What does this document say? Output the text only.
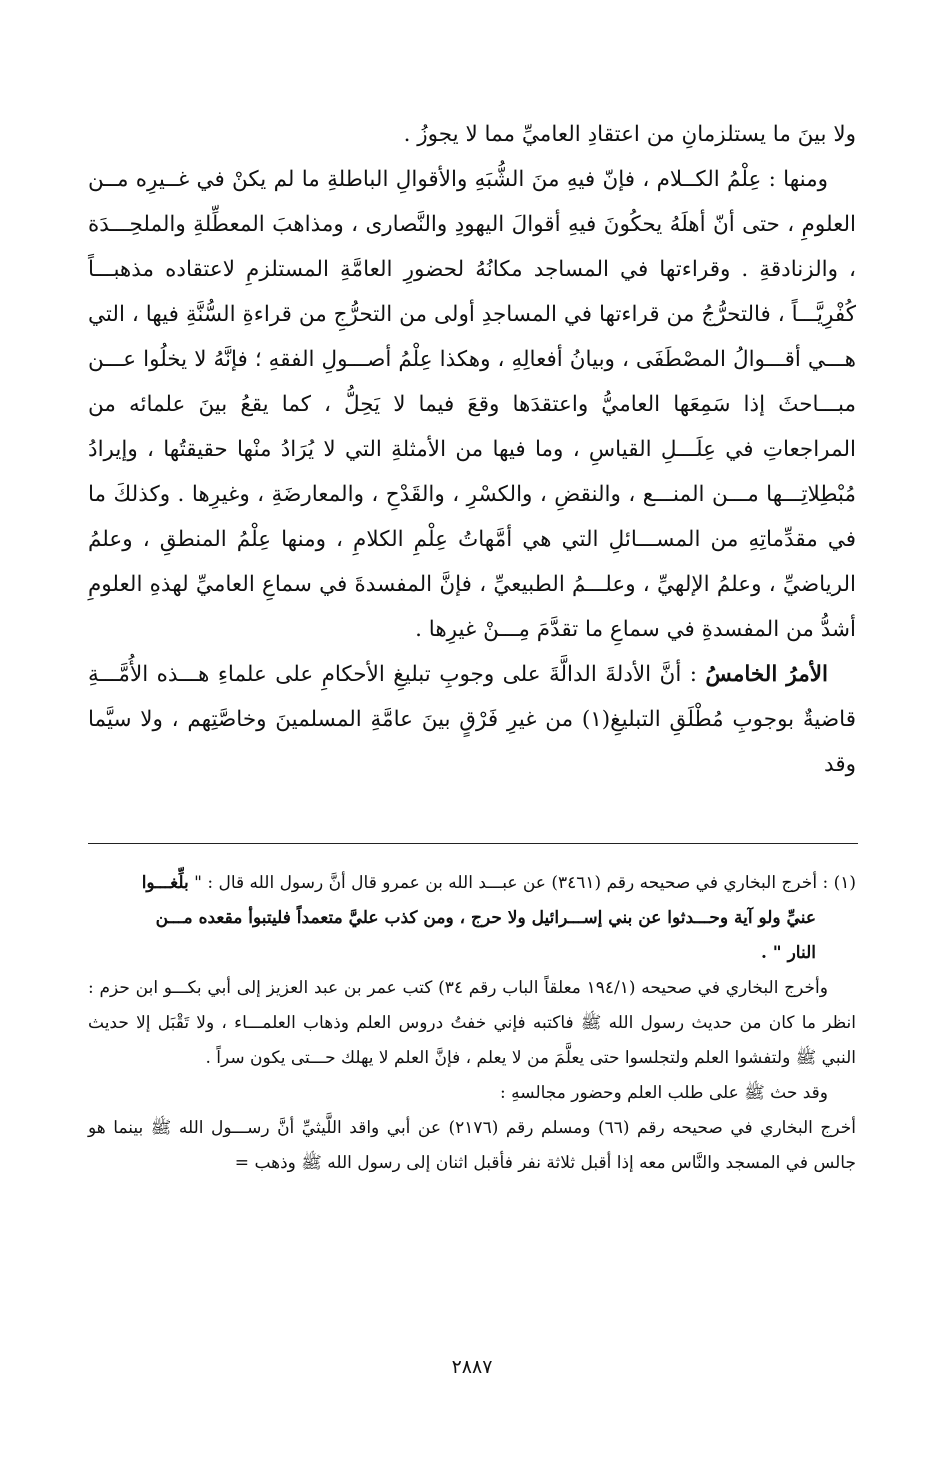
ولا بينَ ما يستلزمانِ من اعتقادِ العاميِّ مما لا يجوزُ .

ومنها : عِلْمُ الكــلام ، فإنّ فيهِ منَ الشُّبَهِ والأقوالِ الباطلةِ ما لم يكنْ في غــيرِه مــن العلومِ ، حتى أنّ أهلَهُ يحكُونَ فيهِ أقوالَ اليهودِ والنَّصارى ، ومذاهبَ المعطِّلةِ والملحِـــدَة ، والزنادقةِ . وقراءتها في المساجد مكانُهُ لحضورِ العامَّةِ المستلزمِ لاعتقاده مذهبـــاً كُفْرِيَّـــاً ، فالتحرُّجُ من قراءتها في المساجدِ أولى من التحرُّجِ من قراءةِ السُّنَّةِ فيها ، التي هـــي أقـــوالُ المصْطَفَى ، وبيانُ أفعالِهِ ، وهكذا عِلْمُ أصـــولِ الفقهِ ؛ فإنَّهُ لا يخلُوا عـــن مبـــاحثَ إذا سَمِعَها العاميُّ واعتقدَها وقعَ فيما لا يَحِلُّ ، كما يقعُ بينَ علمائه من المراجعاتِ في عِلَـــلِ القياسِ ، وما فيها من الأمثلةِ التي لا يُرَادُ منْها حقيقتُها ، وإيرادُ مُبْطِلاتِـــها مـــن المنـــع ، والنقضِ ، والكسْرِ ، والقَدْحِ ، والمعارضَةِ ، وغيرِها . وكذلكَ ما في مقدِّماتِهِ من المســـائلِ التي هي أمَّهاتُ عِلْمِ الكلامِ ، ومنها عِلْمُ المنطقِ ، وعلمُ الرياضيِّ ، وعلمُ الإلهيِّ ، وعلـــمُ الطبيعيِّ ، فإنَّ المفسدةَ في سماعِ العاميِّ لهذهِ العلومِ أشدُّ من المفسدةِ في سماعِ ما تقدَّمَ مِـــنْ غيرِها .

الأمرُ الخامسُ : أنَّ الأدلةَ الدالَّةَ على وجوبِ تبليغِ الأحكامِ على علماءِ هـــذه الأُمَّـــةِ قاضيةٌ بوجوبِ مُطْلَقِ التبليغِ(١) من غيرِ فَرْقٍ بينَ عامَّةِ المسلمينَ وخاصَّتِهم ، ولا سيَّما وقد

(١) : أخرج البخاري في صحيحه رقم (٣٤٦١) عن عبـــد الله بن عمرو قال أنَّ رسول الله قال : " بلِّغـــوا

عنيِّ ولو آية وحـــدثوا عن بني إســـرائيل ولا حرج ، ومن كذب عليَّ متعمداً فليتبوأ مقعده مـــن

النار " .

وأخرج البخاري في صحيحه (١٩٤/١ معلقاً الباب رقم ٣٤) كتب عمر بن عبد العزيز إلى أبي بكـــو ابن حزم : انظر ما كان من حديث رسول الله ﷺ فاكتبه فإني خفتُ دروس العلم وذهاب العلمـــاء ، ولا تَقْبَل إلا حديث النبي ﷺ ولتفشوا العلم ولتجلسوا حتى يعلَّمَ من لا يعلم ، فإنَّ العلم لا يهلك حـــتى يكون سراً .

وقد حث ﷺ على طلب العلم وحضور مجالسهِ :

أخرج البخاري في صحيحه رقم (٦٦) ومسلم رقم (٢١٧٦) عن أبي واقد اللَّيثيِّ أنَّ رســـول الله ﷺ بينما هو جالس في المسجد والنَّاس معه إذا أقبل ثلاثة نفر فأقبل اثنان إلى رسول الله ﷺ وذهب =

٢٨٨٧
